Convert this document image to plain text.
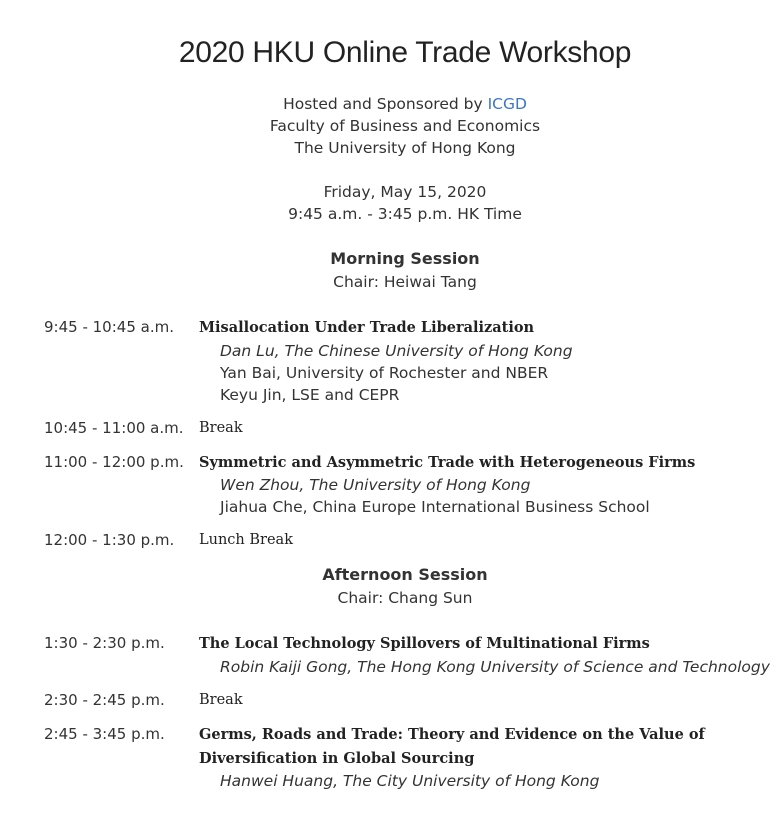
2020 HKU Online Trade Workshop
Hosted and Sponsored by ICGD
Faculty of Business and Economics
The University of Hong Kong
Friday, May 15, 2020
9:45 a.m. - 3:45 p.m. HK Time
Morning Session
Chair: Heiwai Tang
9:45 - 10:45 a.m. Misallocation Under Trade Liberalization
Dan Lu, The Chinese University of Hong Kong
Yan Bai, University of Rochester and NBER
Keyu Jin, LSE and CEPR
10:45 - 11:00 a.m. Break
11:00 - 12:00 p.m. Symmetric and Asymmetric Trade with Heterogeneous Firms
Wen Zhou, The University of Hong Kong
Jiahua Che, China Europe International Business School
12:00 - 1:30 p.m. Lunch Break
Afternoon Session
Chair: Chang Sun
1:30 - 2:30 p.m. The Local Technology Spillovers of Multinational Firms
Robin Kaiji Gong, The Hong Kong University of Science and Technology
2:30 - 2:45 p.m. Break
2:45 - 3:45 p.m. Germs, Roads and Trade: Theory and Evidence on the Value of
Diversification in Global Sourcing
Hanwei Huang, The City University of Hong Kong
